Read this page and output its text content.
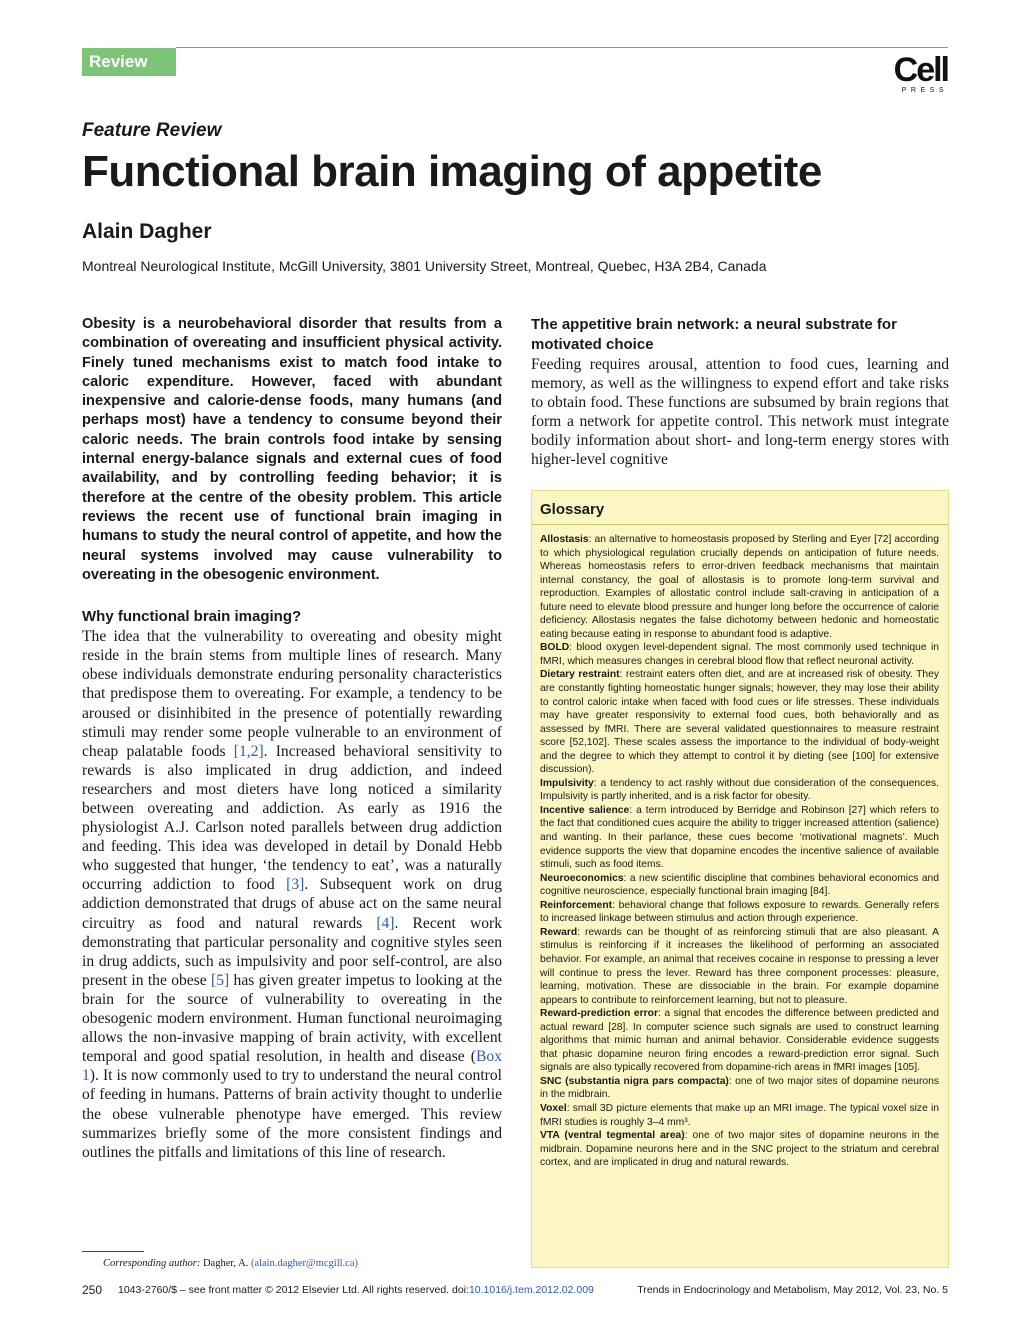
Review	Cell
PRESS
Feature Review
Functional brain imaging of appetite
Alain Dagher
Montreal Neurological Institute, McGill University, 3801 University Street, Montreal, Quebec, H3A 2B4, Canada

Obesity is a neurobehavioral disorder that results from a combination of overeating and insufficient physical activity. Finely tuned mechanisms exist to match food intake to caloric expenditure. However, faced with abundant inexpensive and calorie-dense foods, many humans (and perhaps most) have a tendency to consume beyond their caloric needs. The brain controls food intake by sensing internal energy-balance signals and external cues of food availability, and by controlling feeding behavior; it is therefore at the centre of the obesity problem. This article reviews the recent use of functional brain imaging in humans to study the neural control of appetite, and how the neural systems involved may cause vulnerability to overeating in the obesogenic environment.

Why functional brain imaging?

The idea that the vulnerability to overeating and obesity might reside in the brain stems from multiple lines of research. Many obese individuals demonstrate enduring personality characteristics that predispose them to overeating. For example, a tendency to be aroused or disinhibited in the presence of potentially rewarding stimuli may render some people vulnerable to an environment of cheap palatable foods [1,2]. Increased behavioral sensitivity to rewards is also implicated in drug addiction, and indeed researchers and most dieters have long noticed a similarity between overeating and addiction. As early as 1916 the physiologist A.J. Carlson noted parallels between drug addiction and feeding. This idea was developed in detail by Donald Hebb who suggested that hunger, ‘the tendency to eat’, was a naturally occurring addiction to food [3]. Subsequent work on drug addiction demonstrated that drugs of abuse act on the same neural circuitry as food and natural rewards [4]. Recent work demonstrating that particular personality and cognitive styles seen in drug addicts, such as impulsivity and poor self-control, are also present in the obese [5] has given greater impetus to looking at the brain for the source of vulnerability to overeating in the obesogenic modern environment. Human functional neuroimaging allows the non-invasive mapping of brain activity, with excellent temporal and good spatial resolution, in health and disease (Box 1). It is now commonly used to try to understand the neural control of feeding in humans. Patterns of brain activity thought to underlie the obese vulnerable phenotype have emerged. This review summarizes briefly some of the more consistent findings and outlines the pitfalls and limitations of this line of research.

The appetitive brain network: a neural substrate for motivated choice

Feeding requires arousal, attention to food cues, learning and memory, as well as the willingness to expend effort and take risks to obtain food. These functions are subsumed by brain regions that form a network for appetite control. This network must integrate bodily information about short- and long-term energy stores with higher-level cognitive

Glossary

Allostasis: an alternative to homeostasis proposed by Sterling and Eyer [72] according to which physiological regulation crucially depends on anticipation of future needs. Whereas homeostasis refers to error-driven feedback mechanisms that maintain internal constancy, the goal of allostasis is to promote long-term survival and reproduction. Examples of allostatic control include salt-craving in anticipation of a future need to elevate blood pressure and hunger long before the occurrence of calorie deficiency. Allostasis negates the false dichotomy between hedonic and homeostatic eating because eating in response to abundant food is adaptive.

BOLD: blood oxygen level-dependent signal. The most commonly used technique in fMRI, which measures changes in cerebral blood flow that reflect neuronal activity.

Dietary restraint: restraint eaters often diet, and are at increased risk of obesity. They are constantly fighting homeostatic hunger signals; however, they may lose their ability to control caloric intake when faced with food cues or life stresses. These individuals may have greater responsivity to external food cues, both behaviorally and as assessed by fMRI. There are several validated questionnaires to measure restraint score [52,102]. These scales assess the importance to the individual of body-weight and the degree to which they attempt to control it by dieting (see [100] for extensive discussion).

Impulsivity: a tendency to act rashly without due consideration of the consequences. Impulsivity is partly inherited, and is a risk factor for obesity.

Incentive salience: a term introduced by Berridge and Robinson [27] which refers to the fact that conditioned cues acquire the ability to trigger increased attention (salience) and wanting. In their parlance, these cues become ‘motivational magnets’. Much evidence supports the view that dopamine encodes the incentive salience of available stimuli, such as food items.

Neuroeconomics: a new scientific discipline that combines behavioral economics and cognitive neuroscience, especially functional brain imaging [84].

Reinforcement: behavioral change that follows exposure to rewards. Generally refers to increased linkage between stimulus and action through experience.

Reward: rewards can be thought of as reinforcing stimuli that are also pleasant. A stimulus is reinforcing if it increases the likelihood of performing an associated behavior. For example, an animal that receives cocaine in response to pressing a lever will continue to press the lever. Reward has three component processes: pleasure, learning, motivation. These are dissociable in the brain. For example dopamine appears to contribute to reinforcement learning, but not to pleasure.

Reward-prediction error: a signal that encodes the difference between predicted and actual reward [28]. In computer science such signals are used to construct learning algorithms that mimic human and animal behavior. Considerable evidence suggests that phasic dopamine neuron firing encodes a reward-prediction error signal. Such signals are also typically recovered from dopamine-rich areas in fMRI images [105].

SNC (substantia nigra pars compacta): one of two major sites of dopamine neurons in the midbrain.

Voxel: small 3D picture elements that make up an MRI image. The typical voxel size in fMRI studies is roughly 3–4 mm³.

VTA (ventral tegmental area): one of two major sites of dopamine neurons in the midbrain. Dopamine neurons here and in the SNC project to the striatum and cerebral cortex, and are implicated in drug and natural rewards.

Corresponding author: Dagher, A. (alain.dagher@mcgill.ca)
250 1043-2760/$ – see front matter © 2012 Elsevier Ltd. All rights reserved. doi:10.1016/j.tem.2012.02.009	Trends in Endocrinology and Metabolism, May 2012, Vol. 23, No. 5
